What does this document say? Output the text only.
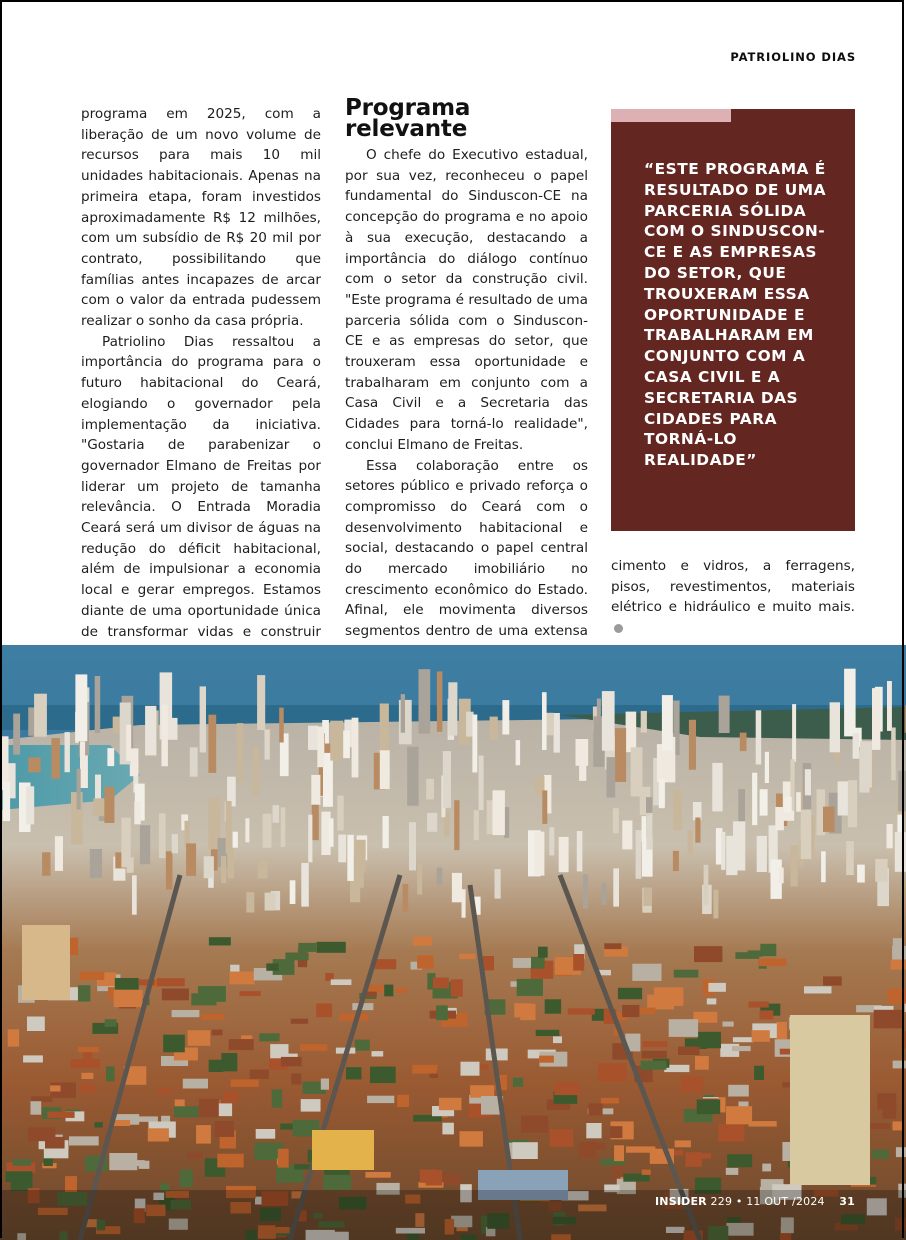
PATRIOLINO DIAS

programa em 2025, com a liberação de um novo volume de recursos para mais 10 mil unidades habitacionais. Apenas na primeira etapa, foram investidos aproximadamente R$ 12 milhões, com um subsídio de R$ 20 mil por contrato, possibilitando que famílias antes incapazes de arcar com o valor da entrada pudessem realizar o sonho da casa própria.

Patriolino Dias ressaltou a importância do programa para o futuro habitacional do Ceará, elogiando o governador pela implementação da iniciativa. "Gostaria de parabenizar o governador Elmano de Freitas por liderar um projeto de tamanha relevância. O Entrada Moradia Ceará será um divisor de águas na redução do déficit habitacional, além de impulsionar a economia local e gerar empregos. Estamos diante de uma oportunidade única de transformar vidas e construir

Programa relevante

O chefe do Executivo estadual, por sua vez, reconheceu o papel fundamental do Sinduscon-CE na concepção do programa e no apoio à sua execução, destacando a importância do diálogo contínuo com o setor da construção civil. "Este programa é resultado de uma parceria sólida com o Sinduscon-CE e as empresas do setor, que trouxeram essa oportunidade e trabalharam em conjunto com a Casa Civil e a Secretaria das Cidades para torná-lo realidade", conclui Elmano de Freitas.

Essa colaboração entre os setores público e privado reforça o compromisso do Ceará com o desenvolvimento habitacional e social, destacando o papel central do mercado imobiliário no crescimento econômico do Estado. Afinal, ele movimenta diversos segmentos dentro de uma extensa

“ESTE PROGRAMA É RESULTADO DE UMA PARCERIA SÓLIDA COM O SINDUSCON-CE E AS EMPRESAS DO SETOR, QUE TROUXERAM ESSA OPORTUNIDADE E TRABALHARAM EM CONJUNTO COM A CASA CIVIL E A SECRETARIA DAS CIDADES PARA TORNÁ-LO REALIDADE”

cimento e vidros, a ferragens, pisos, revestimentos, materiais elétrico e hidráulico e muito mais.

INSIDER 229 • 11 OUT /2024 31
